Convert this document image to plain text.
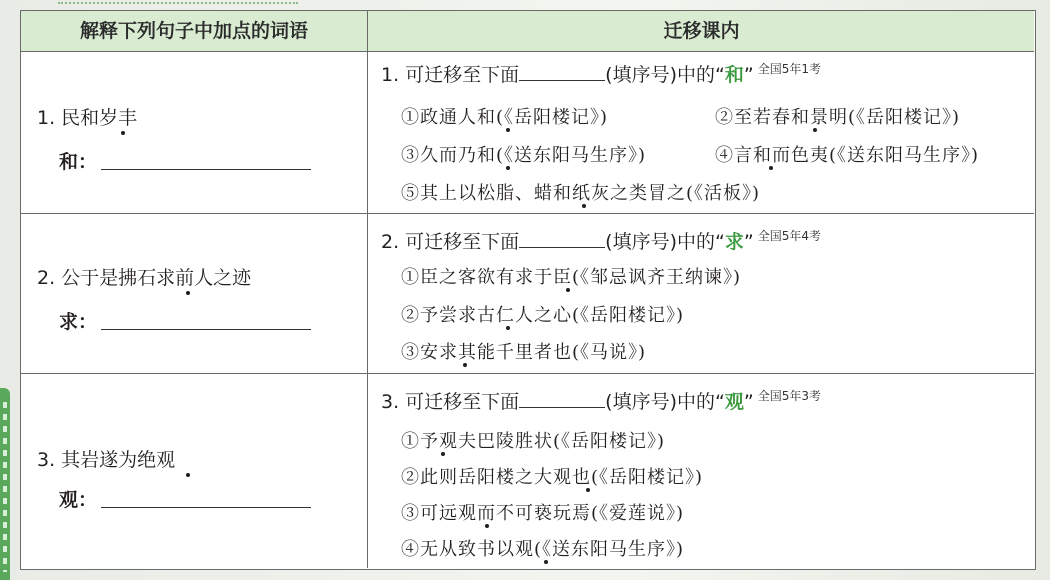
解释下列句子中加点的词语	迁移课内
1. 民和岁丰
和：
1. 可迁移至下面	(填序号)中的“和” $^{全国5年1考}$
①政通人和(《岳阳楼记》)	②至若春和景明(《岳阳楼记》)
③久而乃和(《送东阳马生序》)	④言和而色夷(《送东阳马生序》)
⑤其上以松脂、蜡和纸灰之类冒之(《活板》)
2. 公于是拂石求前人之迹
求：
2. 可迁移至下面	(填序号)中的“求” $^{全国5年4考}$
①臣之客欲有求于臣(《邹忌讽齐王纳谏》)
②予尝求古仁人之心(《岳阳楼记》)
③安求其能千里者也(《马说》)
3. 其岩遂为绝观
观：
3. 可迁移至下面	(填序号)中的“观” $^{全国5年3考}$
①予观夫巴陵胜状(《岳阳楼记》)
②此则岳阳楼之大观也(《岳阳楼记》)
③可远观而不可亵玩焉(《爱莲说》)
④无从致书以观(《送东阳马生序》)
